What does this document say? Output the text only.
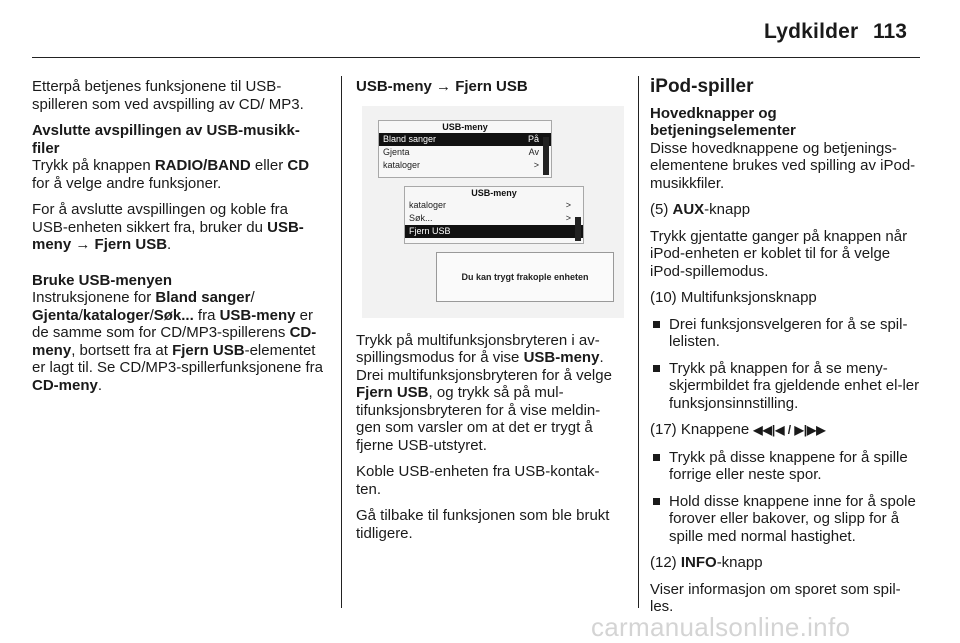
Lydkilder 113

Etterpå betjenes funksjonene til USB-spilleren som ved avspilling av CD/ MP3.

Avslutte avspillingen av USB-musikk-filer

Trykk på knappen RADIO/BAND eller CD for å velge andre funksjoner.

For å avslutte avspillingen og koble fra USB-enheten sikkert fra, bruker du USB-meny → Fjern USB.

Bruke USB-menyen

Instruksjonene for Bland sanger/ Gjenta/kataloger/Søk... fra USB-meny er de samme som for CD/MP3-spillerens CD-meny, bortsett fra at Fjern USB-elementet er lagt til. Se CD/MP3-spillerfunksjonene fra CD-meny.

USB-meny → Fjern USB

USB-meny
Bland sanger	På
Gjenta	Av
kataloger	>
USB-meny
kataloger	>
Søk...	>
Fjern USB
Du kan trygt frakople enheten

Trykk på multifunksjonsbryteren i av-spillingsmodus for å vise USB-meny. Drei multifunksjonsbryteren for å velge Fjern USB, og trykk så på mul-tifunksjonsbryteren for å vise meldin-gen som varsler om at det er trygt å fjerne USB-utstyret.

Koble USB-enheten fra USB-kontak-ten.

Gå tilbake til funksjonen som ble brukt tidligere.

iPod-spiller

Hovedknapper og betjeningselementer

Disse hovedknappene og betjenings-elementene brukes ved spilling av iPod-musikkfiler.

(5) AUX-knapp

Trykk gjentatte ganger på knappen når iPod-enheten er koblet til for å velge iPod-spillemodus.

(10) Multifunksjonsknapp

Drei funksjonsvelgeren for å se spil-lelisten.
Trykk på knappen for å se meny-skjermbildet fra gjeldende enhet el-ler funksjonsinnstilling.

(17) Knappene ◀◀|◀ / ▶|▶▶

Trykk på disse knappene for å spille forrige eller neste spor.
Hold disse knappene inne for å spole forover eller bakover, og slipp for å spille med normal hastighet.

(12) INFO-knapp

Viser informasjon om sporet som spil-les.

carmanualsonline.info
